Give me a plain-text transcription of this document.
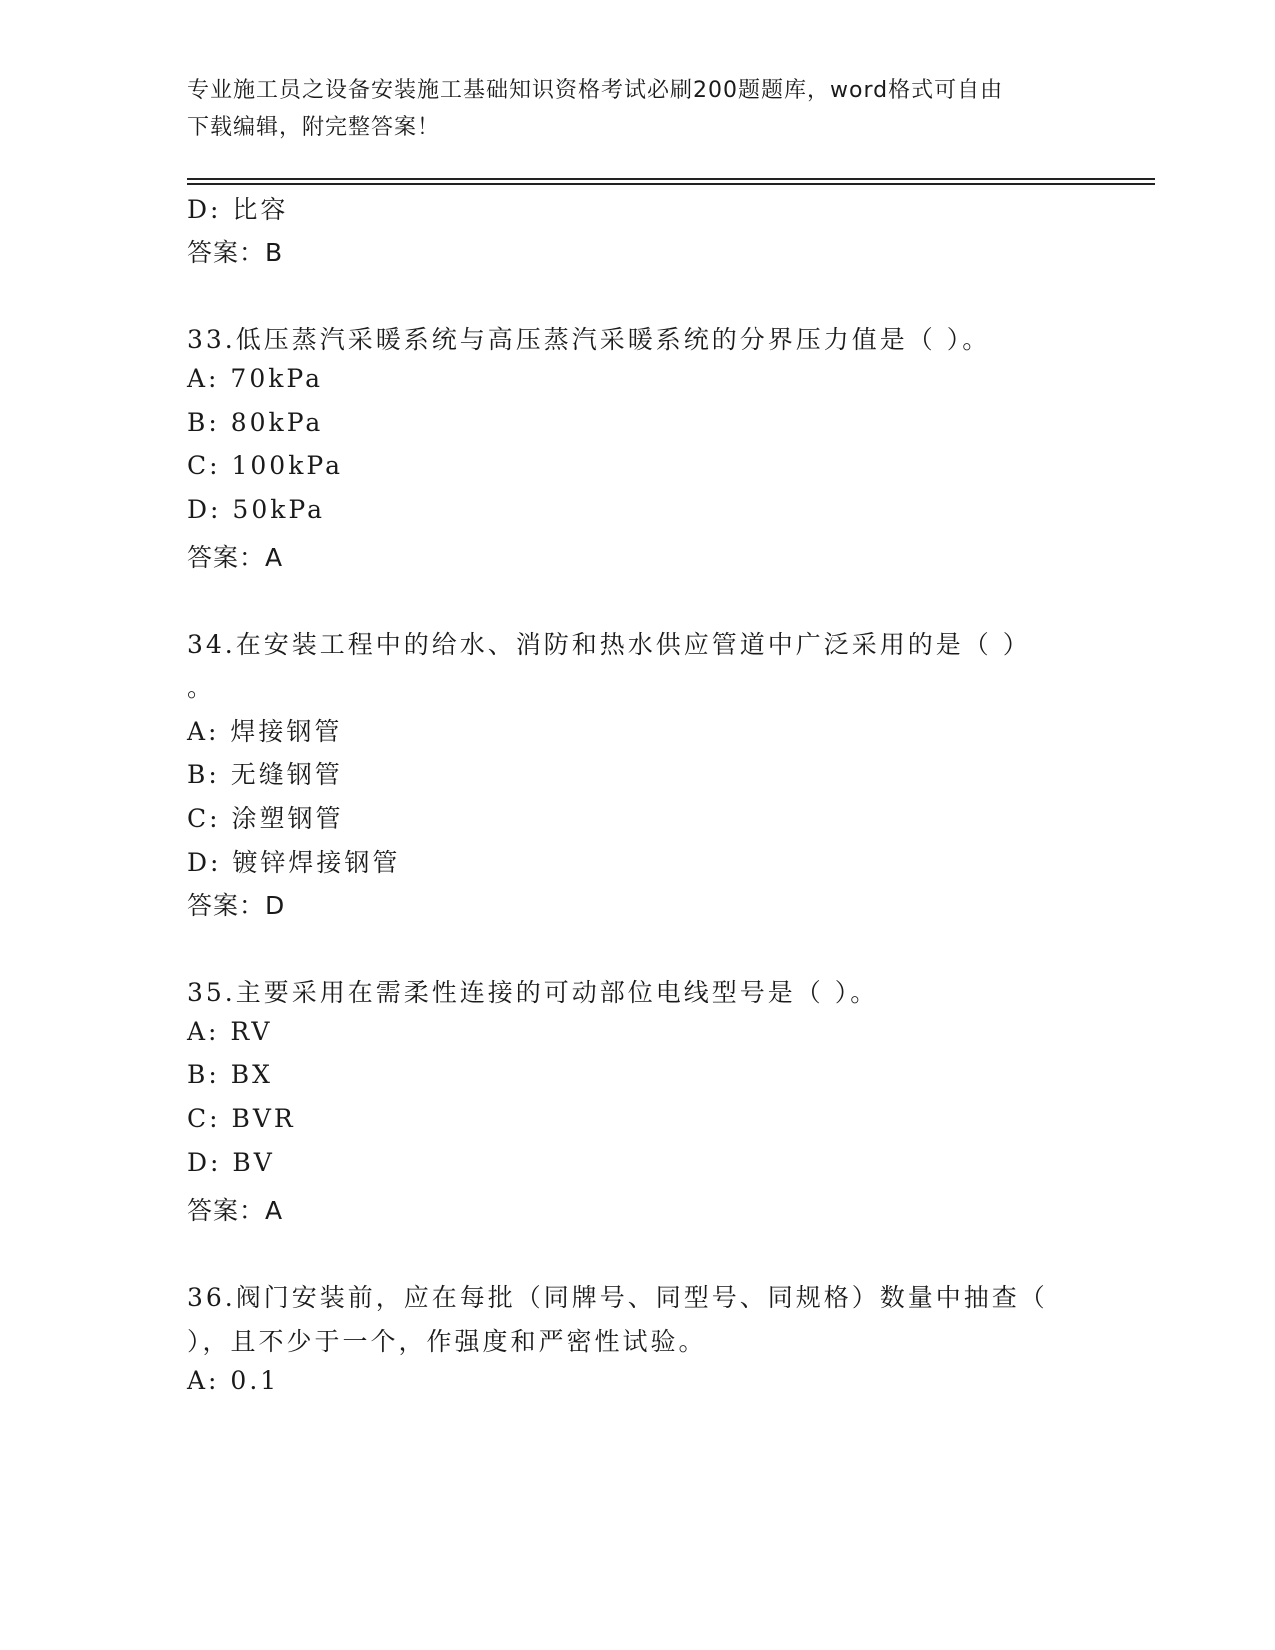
专业施工员之设备安装施工基础知识资格考试必刷200题题库，word格式可自由
下载编辑，附完整答案！
D: 比容
答案：B
33.低压蒸汽采暖系统与高压蒸汽采暖系统的分界压力值是（ ）。
A: 70kPa
B: 80kPa
C: 100kPa
D: 50kPa
答案：A
34.在安装工程中的给水、消防和热水供应管道中广泛采用的是（ ）
。
A: 焊接钢管
B: 无缝钢管
C: 涂塑钢管
D: 镀锌焊接钢管
答案：D
35.主要采用在需柔性连接的可动部位电线型号是（ ）。
A: RV
B: BX
C: BVR
D: BV
答案：A
36.阀门安装前，应在每批（同牌号、同型号、同规格）数量中抽查（
），且不少于一个，作强度和严密性试验。
A: 0.1
